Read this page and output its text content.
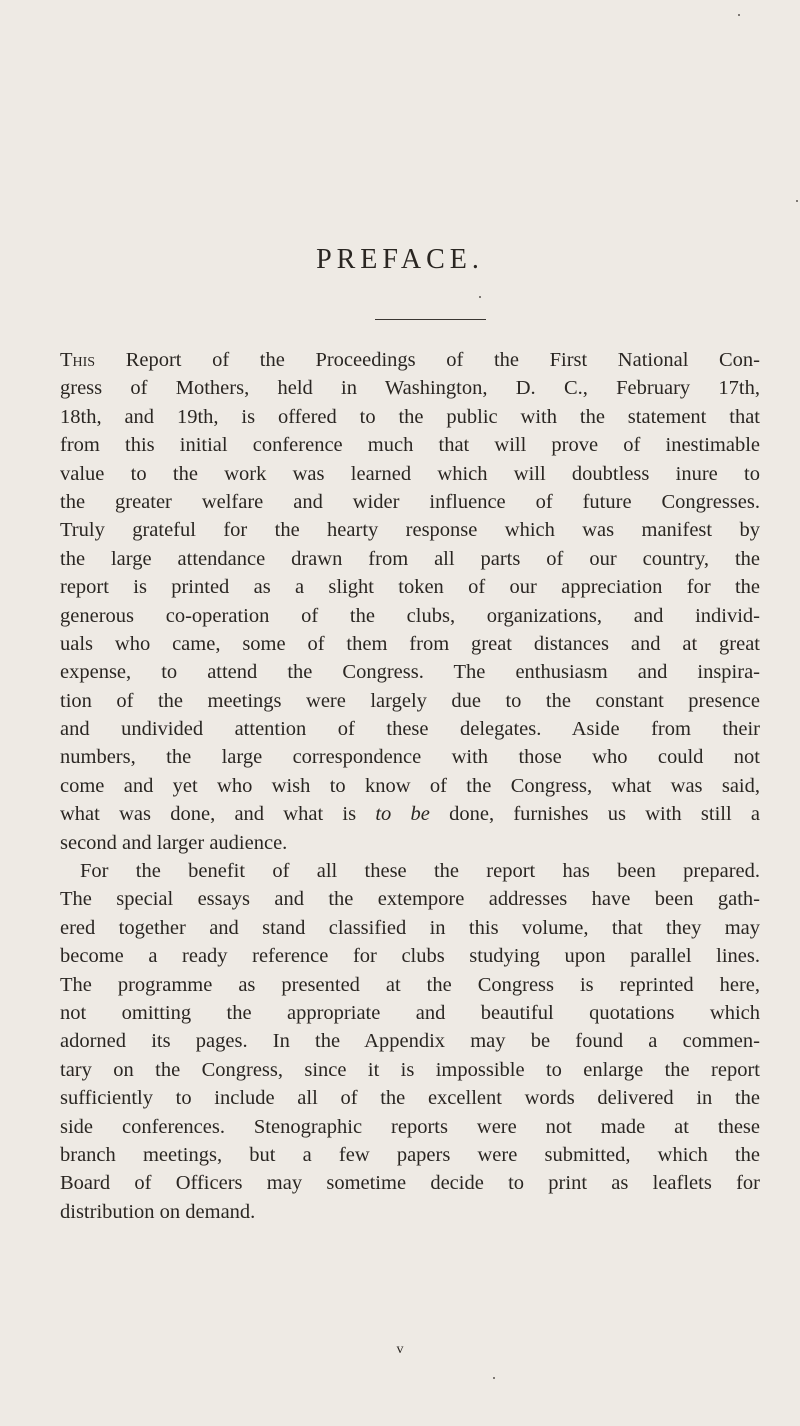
PREFACE.
This Report of the Proceedings of the First National Con-
gress of Mothers, held in Washington, D. C., February 17th,
18th, and 19th, is offered to the public with the statement that
from this initial conference much that will prove of inestimable
value to the work was learned which will doubtless inure to
the greater welfare and wider influence of future Congresses.
Truly grateful for the hearty response which was manifest by
the large attendance drawn from all parts of our country, the
report is printed as a slight token of our appreciation for the
generous co-operation of the clubs, organizations, and individ-
uals who came, some of them from great distances and at great
expense, to attend the Congress. The enthusiasm and inspira-
tion of the meetings were largely due to the constant presence
and undivided attention of these delegates. Aside from their
numbers, the large correspondence with those who could not
come and yet who wish to know of the Congress, what was said,
what was done, and what is to be done, furnishes us with still a
second and larger audience.
For the benefit of all these the report has been prepared.
The special essays and the extempore addresses have been gath-
ered together and stand classified in this volume, that they may
become a ready reference for clubs studying upon parallel lines.
The programme as presented at the Congress is reprinted here,
not omitting the appropriate and beautiful quotations which
adorned its pages. In the Appendix may be found a commen-
tary on the Congress, since it is impossible to enlarge the report
sufficiently to include all of the excellent words delivered in the
side conferences. Stenographic reports were not made at these
branch meetings, but a few papers were submitted, which the
Board of Officers may sometime decide to print as leaflets for
distribution on demand.
v
